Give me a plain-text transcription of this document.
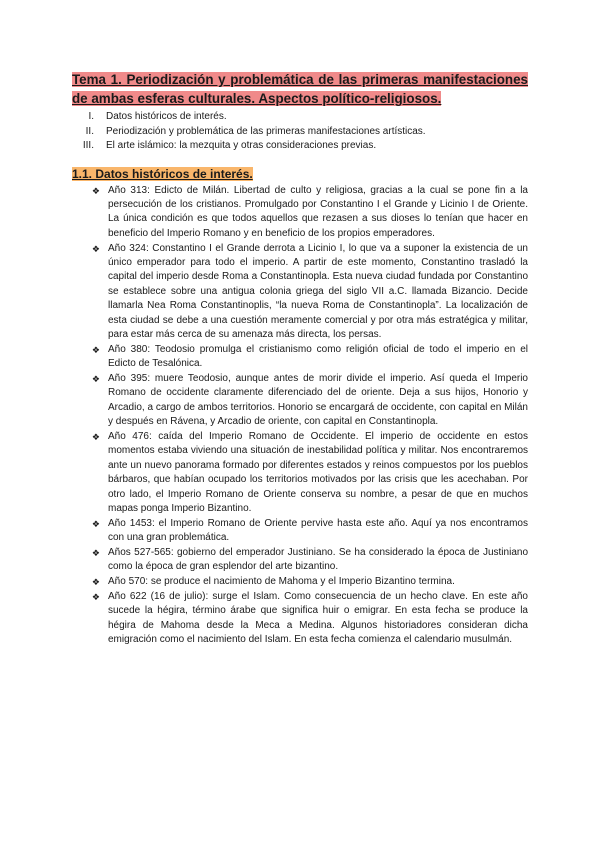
Tema 1. Periodización y problemática de las primeras manifestaciones de ambas esferas culturales. Aspectos político-religiosos.
I.	Datos históricos de interés.
II.	Periodización y problemática de las primeras manifestaciones artísticas.
III.	El arte islámico: la mezquita y otras consideraciones previas.
1.1. Datos históricos de interés.
❖ Año 313: Edicto de Milán. Libertad de culto y religiosa, gracias a la cual se pone fin a la persecución de los cristianos. Promulgado por Constantino I el Grande y Licinio I de Oriente. La única condición es que todos aquellos que rezasen a sus dioses lo tenían que hacer en beneficio del Imperio Romano y en beneficio de los propios emperadores.
❖ Año 324: Constantino I el Grande derrota a Licinio I, lo que va a suponer la existencia de un único emperador para todo el imperio. A partir de este momento, Constantino trasladó la capital del imperio desde Roma a Constantinopla. Esta nueva ciudad fundada por Constantino se establece sobre una antigua colonia griega del siglo VII a.C. llamada Bizancio. Decide llamarla Nea Roma Constantinoplis, “la nueva Roma de Constantinopla”. La localización de esta ciudad se debe a una cuestión meramente comercial y por otra más estratégica y militar, para estar más cerca de su amenaza más directa, los persas.
❖ Año 380: Teodosio promulga el cristianismo como religión oficial de todo el imperio en el Edicto de Tesalónica.
❖ Año 395: muere Teodosio, aunque antes de morir divide el imperio. Así queda el Imperio Romano de occidente claramente diferenciado del de oriente. Deja a sus hijos, Honorio y Arcadio, a cargo de ambos territorios. Honorio se encargará de occidente, con capital en Milán y después en Rávena, y Arcadio de oriente, con capital en Constantinopla.
❖ Año 476: caída del Imperio Romano de Occidente. El imperio de occidente en estos momentos estaba viviendo una situación de inestabilidad política y militar. Nos encontraremos ante un nuevo panorama formado por diferentes estados y reinos compuestos por los pueblos bárbaros, que habían ocupado los territorios motivados por las crisis que les acechaban. Por otro lado, el Imperio Romano de Oriente conserva su nombre, a pesar de que en muchos mapas ponga Imperio Bizantino.
❖ Año 1453: el Imperio Romano de Oriente pervive hasta este año. Aquí ya nos encontramos con una gran problemática.
❖ Años 527-565: gobierno del emperador Justiniano. Se ha considerado la época de Justiniano como la época de gran esplendor del arte bizantino.
❖ Año 570: se produce el nacimiento de Mahoma y el Imperio Bizantino termina.
❖ Año 622 (16 de julio): surge el Islam. Como consecuencia de un hecho clave. En este año sucede la hégira, término árabe que significa huir o emigrar. En esta fecha se produce la hégira de Mahoma desde la Meca a Medina. Algunos historiadores consideran dicha emigración como el nacimiento del Islam. En esta fecha comienza el calendario musulmán.
